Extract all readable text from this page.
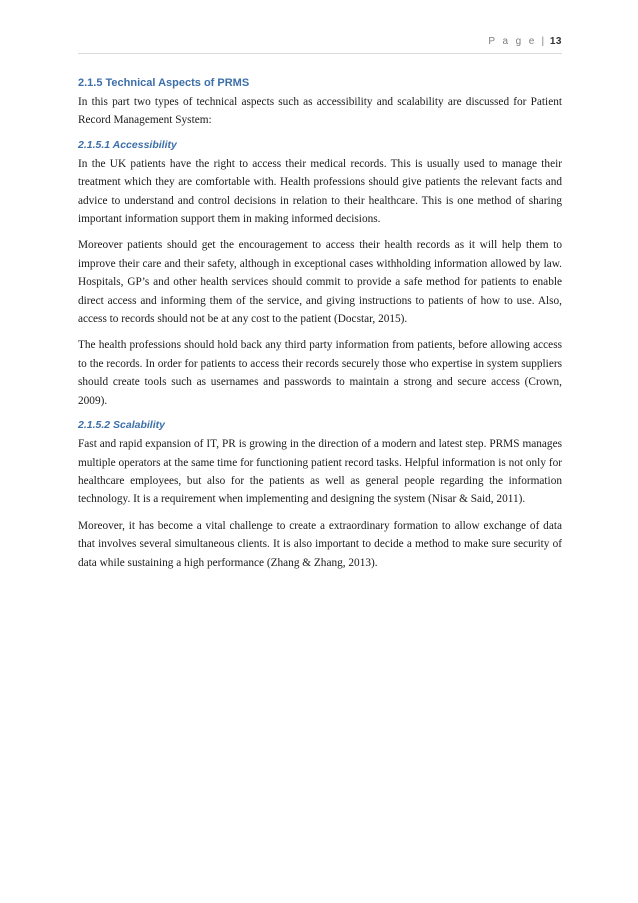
P a g e | 13
2.1.5 Technical Aspects of PRMS

In this part two types of technical aspects such as accessibility and scalability are discussed for Patient Record Management System:

2.1.5.1 Accessibility

In the UK patients have the right to access their medical records. This is usually used to manage their treatment which they are comfortable with. Health professions should give patients the relevant facts and advice to understand and control decisions in relation to their healthcare. This is one method of sharing important information support them in making informed decisions.

Moreover patients should get the encouragement to access their health records as it will help them to improve their care and their safety, although in exceptional cases withholding information allowed by law. Hospitals, GP’s and other health services should commit to provide a safe method for patients to enable direct access and informing them of the service, and giving instructions to patients of how to use. Also, access to records should not be at any cost to the patient (Docstar, 2015).

The health professions should hold back any third party information from patients, before allowing access to the records. In order for patients to access their records securely those who expertise in system suppliers should create tools such as usernames and passwords to maintain a strong and secure access (Crown, 2009).

2.1.5.2 Scalability

Fast and rapid expansion of IT, PR is growing in the direction of a modern and latest step. PRMS manages multiple operators at the same time for functioning patient record tasks. Helpful information is not only for healthcare employees, but also for the patients as well as general people regarding the information technology. It is a requirement when implementing and designing the system (Nisar & Said, 2011).

Moreover, it has become a vital challenge to create a extraordinary formation to allow exchange of data that involves several simultaneous clients. It is also important to decide a method to make sure security of data while sustaining a high performance (Zhang & Zhang, 2013).
